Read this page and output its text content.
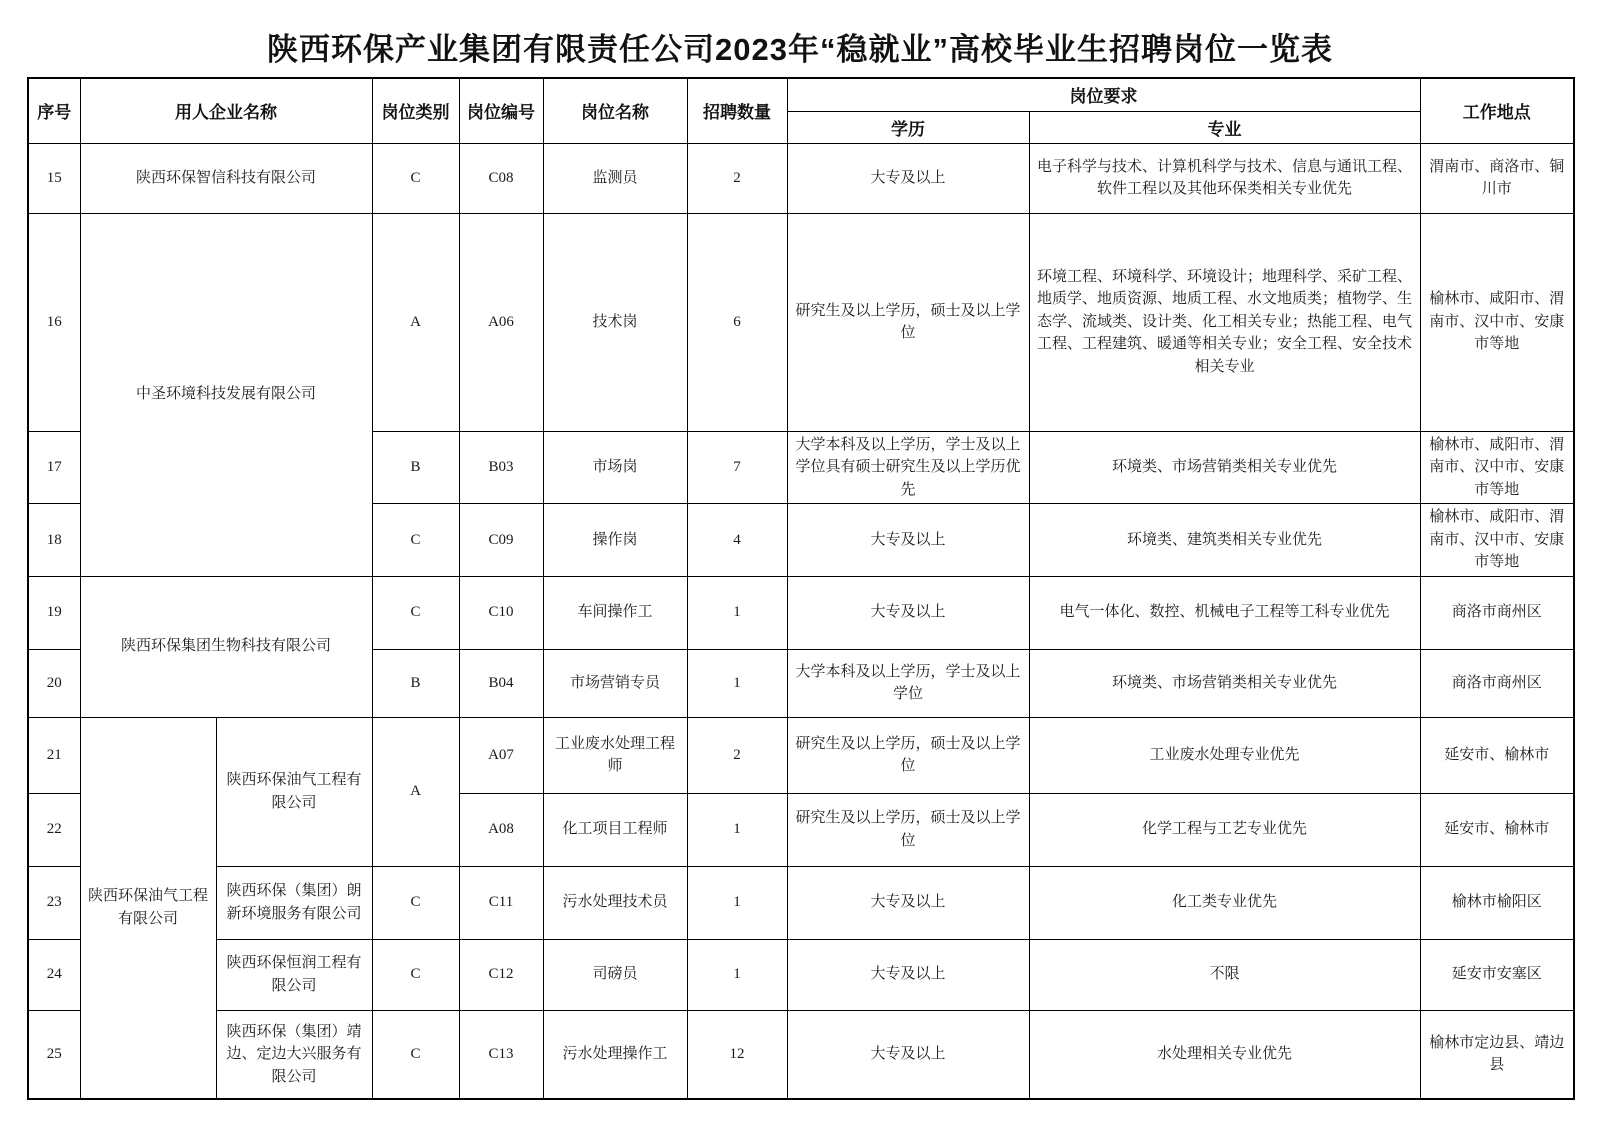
陕西环保产业集团有限责任公司2023年“稳就业”高校毕业生招聘岗位一览表
序号	用人企业名称		岗位类别	岗位编号	岗位名称	招聘数量	岗位要求		工作地点
							学历	专业	
15	陕西环保智信科技有限公司		C	C08	监测员	2	大专及以上	电子科学与技术、计算机科学与技术、信息与通讯工程、软件工程以及其他环保类相关专业优先	渭南市、商洛市、铜川市
16	中圣环境科技发展有限公司		A	A06	技术岗	6	研究生及以上学历，硕士及以上学位	环境工程、环境科学、环境设计；地理科学、采矿工程、地质学、地质资源、地质工程、水文地质类；植物学、生态学、流域类、设计类、化工相关专业；热能工程、电气工程、工程建筑、暖通等相关专业；安全工程、安全技术相关专业	榆林市、咸阳市、渭南市、汉中市、安康市等地
17			B	B03	市场岗	7	大学本科及以上学历，学士及以上学位具有硕士研究生及以上学历优先	环境类、市场营销类相关专业优先	榆林市、咸阳市、渭南市、汉中市、安康市等地
18			C	C09	操作岗	4	大专及以上	环境类、建筑类相关专业优先	榆林市、咸阳市、渭南市、汉中市、安康市等地
19	陕西环保集团生物科技有限公司		C	C10	车间操作工	1	大专及以上	电气一体化、数控、机械电子工程等工科专业优先	商洛市商州区
20			B	B04	市场营销专员	1	大学本科及以上学历，学士及以上学位	环境类、市场营销类相关专业优先	商洛市商州区
21	陕西环保油气工程有限公司	陕西环保油气工程有限公司	A	A07	工业废水处理工程师	2	研究生及以上学历，硕士及以上学位	工业废水处理专业优先	延安市、榆林市
22				A08	化工项目工程师	1	研究生及以上学历，硕士及以上学位	化学工程与工艺专业优先	延安市、榆林市
23		陕西环保（集团）朗新环境服务有限公司	C	C11	污水处理技术员	1	大专及以上	化工类专业优先	榆林市榆阳区
24		陕西环保恒润工程有限公司	C	C12	司磅员	1	大专及以上	不限	延安市安塞区
25		陕西环保（集团）靖边、定边大兴服务有限公司	C	C13	污水处理操作工	12	大专及以上	水处理相关专业优先	榆林市定边县、靖边县
